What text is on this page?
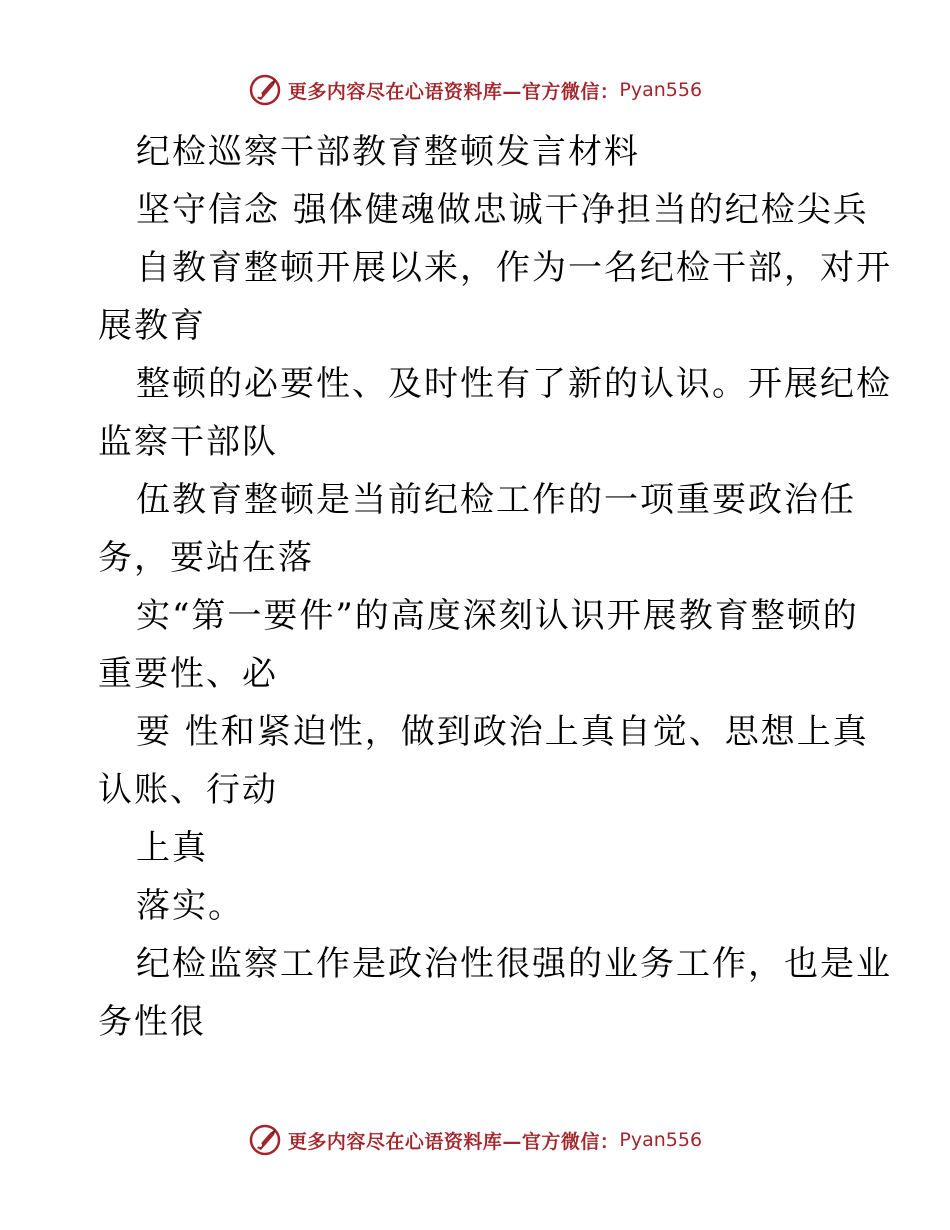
更多内容尽在心语资料库—官方微信： Pyan556
纪检巡察干部教育整顿发言材料
坚守信念 强体健魂做忠诚干净担当的纪检尖兵
自教育整顿开展以来，作为一名纪检干部，对开
展教育
整顿的必要性、及时性有了新的认识。开展纪检
监察干部队
伍教育整顿是当前纪检工作的一项重要政治任
务，要站在落
实“第一要件”的高度深刻认识开展教育整顿的
重要性、必
要 性和紧迫性，做到政治上真自觉、思想上真
认账、行动
上真
落实。
纪检监察工作是政治性很强的业务工作，也是业
务性很
更多内容尽在心语资料库—官方微信： Pyan556
